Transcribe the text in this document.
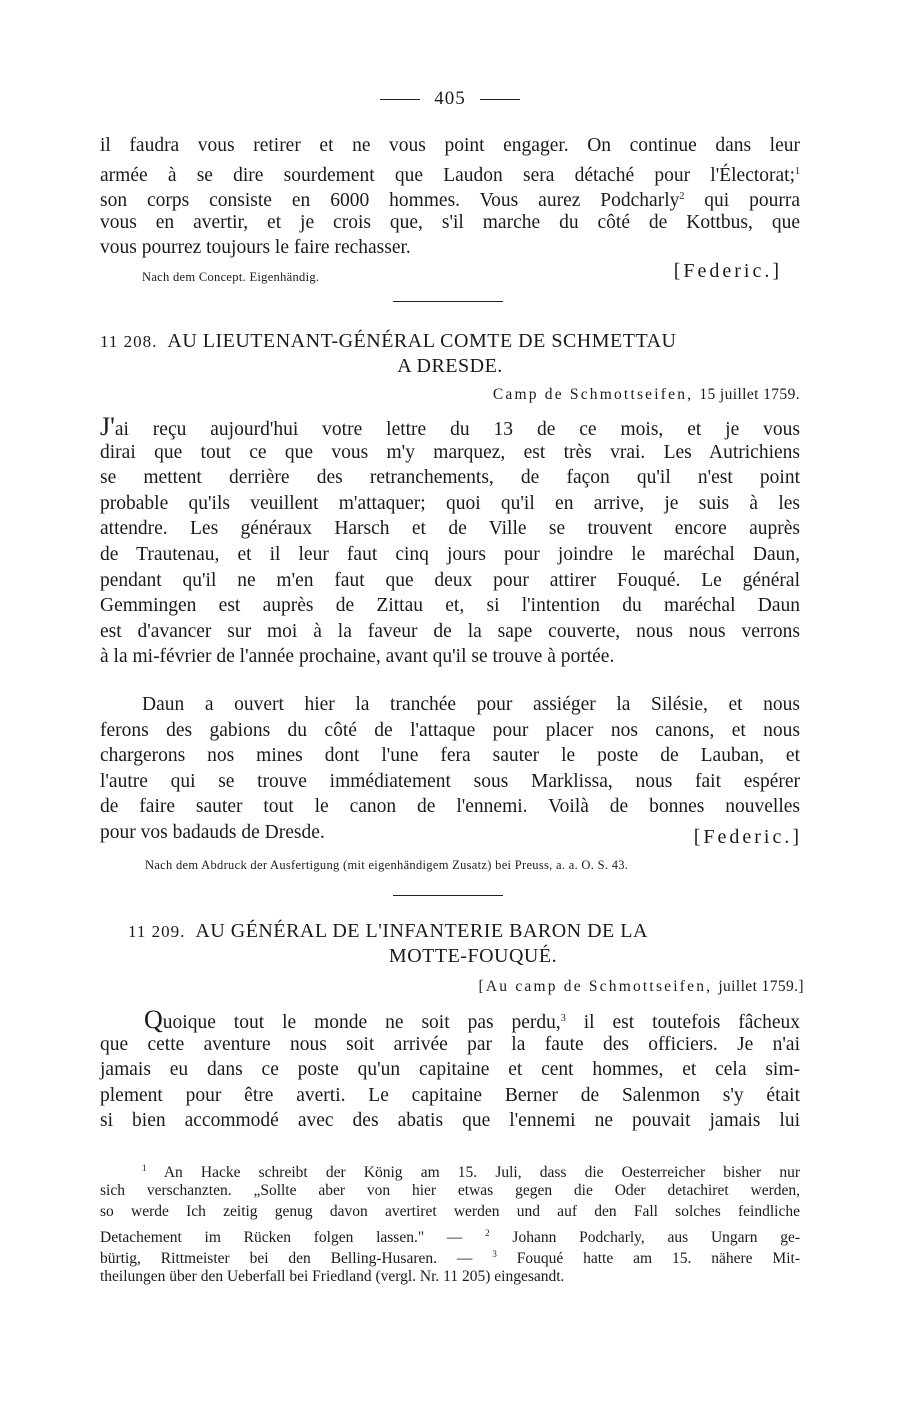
405
il faudra vous retirer et ne vous point engager. On continue dans leur
armée à se dire sourdement que Laudon sera détaché pour l'Électorat;$^1$
son corps consiste en 6000 hommes. Vous aurez Podcharly$^2$ qui pourra
vous en avertir, et je crois que, s'il marche du côté de Kottbus, que
vous pourrez toujours le faire rechasser.
Nach dem Concept. Eigenhändig.	[Federic.]
11 208. AU LIEUTENANT-GÉNÉRAL COMTE DE SCHMETTAU
A DRESDE.
Camp de Schmottseifen, 15 juillet 1759.
J'ai reçu aujourd'hui votre lettre du 13 de ce mois, et je vous
dirai que tout ce que vous m'y marquez, est très vrai. Les Autrichiens
se mettent derrière des retranchements, de façon qu'il n'est point
probable qu'ils veuillent m'attaquer; quoi qu'il en arrive, je suis à les
attendre. Les généraux Harsch et de Ville se trouvent encore auprès
de Trautenau, et il leur faut cinq jours pour joindre le maréchal Daun,
pendant qu'il ne m'en faut que deux pour attirer Fouqué. Le général
Gemmingen est auprès de Zittau et, si l'intention du maréchal Daun
est d'avancer sur moi à la faveur de la sape couverte, nous nous verrons
à la mi-février de l'année prochaine, avant qu'il se trouve à portée.
Daun a ouvert hier la tranchée pour assiéger la Silésie, et nous
ferons des gabions du côté de l'attaque pour placer nos canons, et nous
chargerons nos mines dont l'une fera sauter le poste de Lauban, et
l'autre qui se trouve immédiatement sous Marklissa, nous fait espérer
de faire sauter tout le canon de l'ennemi. Voilà de bonnes nouvelles
pour vos badauds de Dresde.	[Federic.]
Nach dem Abdruck der Ausfertigung (mit eigenhändigem Zusatz) bei Preuss, a. a. O. S. 43.
11 209. AU GÉNÉRAL DE L'INFANTERIE BARON DE LA
MOTTE-FOUQUÉ.
[Au camp de Schmottseifen, juillet 1759.]
Quoique tout le monde ne soit pas perdu,$^3$ il est toutefois fâcheux
que cette aventure nous soit arrivée par la faute des officiers. Je n'ai
jamais eu dans ce poste qu'un capitaine et cent hommes, et cela sim-
plement pour être averti. Le capitaine Berner de Salenmon s'y était
si bien accommodé avec des abatis que l'ennemi ne pouvait jamais lui
$^1$ An Hacke schreibt der König am 15. Juli, dass die Oesterreicher bisher nur
sich verschanzten. „Sollte aber von hier etwas gegen die Oder detachiret werden,
so werde Ich zeitig genug davon avertiret werden und auf den Fall solches feindliche
Detachement im Rücken folgen lassen." — $^2$ Johann Podcharly, aus Ungarn ge-
bürtig, Rittmeister bei den Belling-Husaren. — $^3$ Fouqué hatte am 15. nähere Mit-
theilungen über den Ueberfall bei Friedland (vergl. Nr. 11 205) eingesandt.
